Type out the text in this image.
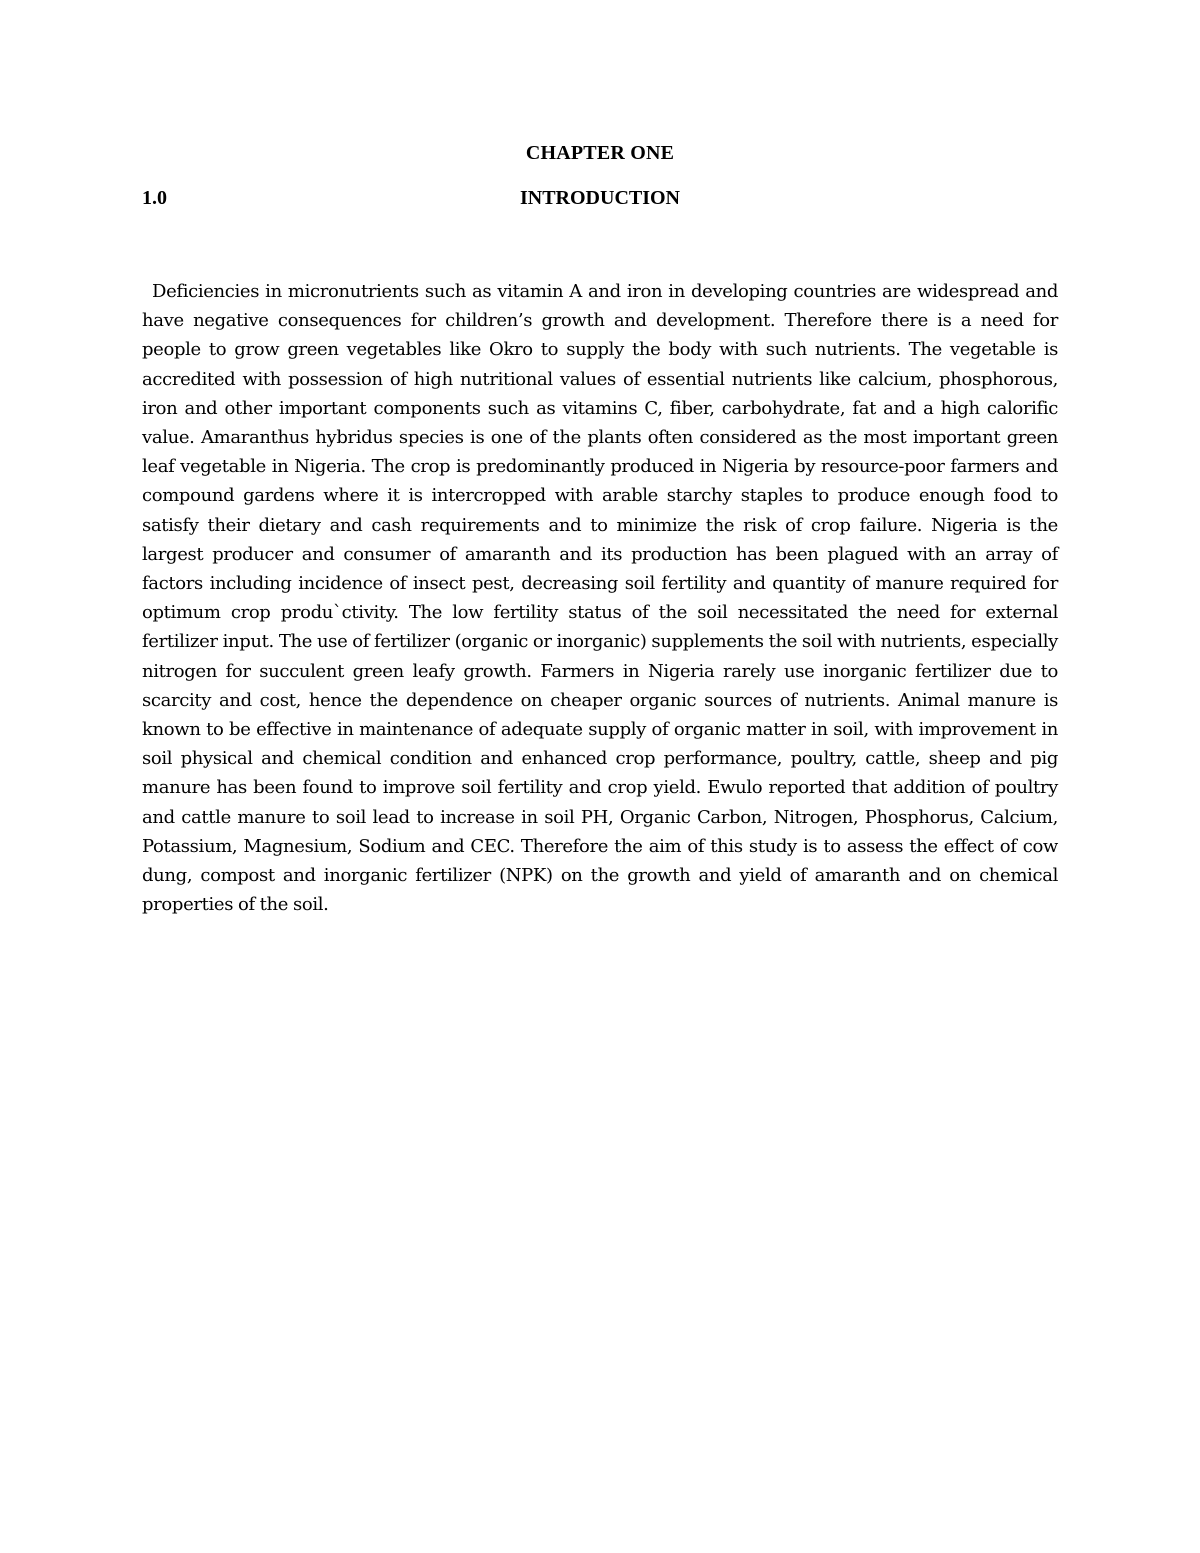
CHAPTER ONE
INTRODUCTION
1.0

Deficiencies in micronutrients such as vitamin A and iron in developing countries are widespread and have negative consequences for children’s growth and development. Therefore there is a need for people to grow green vegetables like Okro to supply the body with such nutrients. The vegetable is accredited with possession of high nutritional values of essential nutrients like calcium, phosphorous, iron and other important components such as vitamins C, fiber, carbohydrate, fat and a high calorific value. Amaranthus hybridus species is one of the plants often considered as the most important green leaf vegetable in Nigeria. The crop is predominantly produced in Nigeria by resource-poor farmers and compound gardens where it is intercropped with arable starchy staples to produce enough food to satisfy their dietary and cash requirements and to minimize the risk of crop failure. Nigeria is the largest producer and consumer of amaranth and its production has been plagued with an array of factors including incidence of insect pest, decreasing soil fertility and quantity of manure required for optimum crop produ`ctivity. The low fertility status of the soil necessitated the need for external fertilizer input. The use of fertilizer (organic or inorganic) supplements the soil with nutrients, especially nitrogen for succulent green leafy growth. Farmers in Nigeria rarely use inorganic fertilizer due to scarcity and cost, hence the dependence on cheaper organic sources of nutrients. Animal manure is known to be effective in maintenance of adequate supply of organic matter in soil, with improvement in soil physical and chemical condition and enhanced crop performance, poultry, cattle, sheep and pig manure has been found to improve soil fertility and crop yield. Ewulo reported that addition of poultry and cattle manure to soil lead to increase in soil PH, Organic Carbon, Nitrogen, Phosphorus, Calcium, Potassium, Magnesium, Sodium and CEC. Therefore the aim of this study is to assess the effect of cow dung, compost and inorganic fertilizer (NPK) on the growth and yield of amaranth and on chemical properties of the soil.
